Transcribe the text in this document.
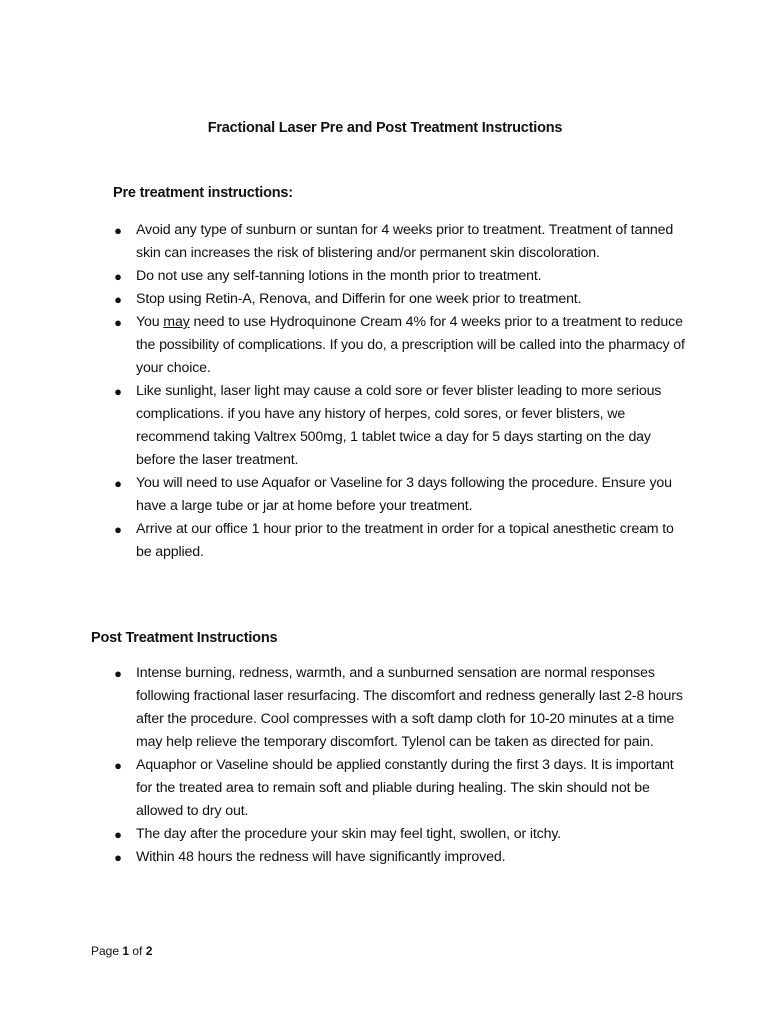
Fractional Laser Pre and Post Treatment Instructions
Pre treatment instructions:
● Avoid any type of sunburn or suntan for 4 weeks prior to treatment. Treatment of tanned skin can increases the risk of blistering and/or permanent skin discoloration.
● Do not use any self-tanning lotions in the month prior to treatment.
● Stop using Retin-A, Renova, and Differin for one week prior to treatment.
● You may need to use Hydroquinone Cream 4% for 4 weeks prior to a treatment to reduce the possibility of complications. If you do, a prescription will be called into the pharmacy of your choice.
● Like sunlight, laser light may cause a cold sore or fever blister leading to more serious complications. if you have any history of herpes, cold sores, or fever blisters, we recommend taking Valtrex 500mg, 1 tablet twice a day for 5 days starting on the day before the laser treatment.
● You will need to use Aquafor or Vaseline for 3 days following the procedure. Ensure you have a large tube or jar at home before your treatment.
● Arrive at our office 1 hour prior to the treatment in order for a topical anesthetic cream to be applied.
Post Treatment Instructions
● Intense burning, redness, warmth, and a sunburned sensation are normal responses following fractional laser resurfacing. The discomfort and redness generally last 2-8 hours after the procedure. Cool compresses with a soft damp cloth for 10-20 minutes at a time may help relieve the temporary discomfort. Tylenol can be taken as directed for pain.
● Aquaphor or Vaseline should be applied constantly during the first 3 days. It is important for the treated area to remain soft and pliable during healing. The skin should not be allowed to dry out.
● The day after the procedure your skin may feel tight, swollen, or itchy.
● Within 48 hours the redness will have significantly improved.
Page 1 of 2
